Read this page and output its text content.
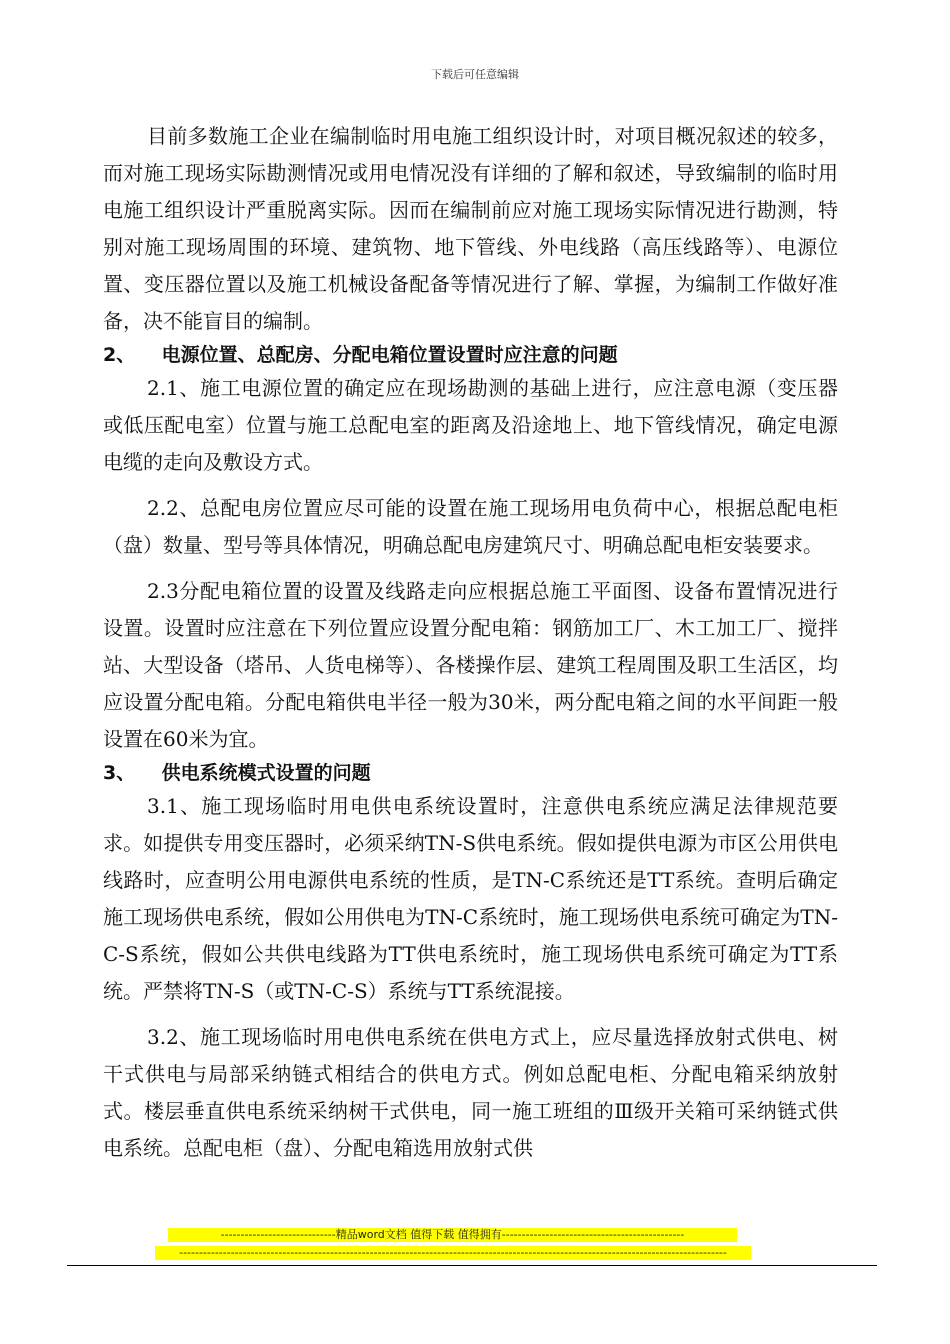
下载后可任意编辑

目前多数施工企业在编制临时用电施工组织设计时，对项目概况叙述的较多，而对施工现场实际勘测情况或用电情况没有详细的了解和叙述，导致编制的临时用电施工组织设计严重脱离实际。因而在编制前应对施工现场实际情况进行勘测，特别对施工现场周围的环境、建筑物、地下管线、外电线路（高压线路等）、电源位置、变压器位置以及施工机械设备配备等情况进行了解、掌握，为编制工作做好准备，决不能盲目的编制。

2、    电源位置、总配房、分配电箱位置设置时应注意的问题

2.1、施工电源位置的确定应在现场勘测的基础上进行，应注意电源（变压器或低压配电室）位置与施工总配电室的距离及沿途地上、地下管线情况，确定电源电缆的走向及敷设方式。

2.2、总配电房位置应尽可能的设置在施工现场用电负荷中心，根据总配电柜（盘）数量、型号等具体情况，明确总配电房建筑尺寸、明确总配电柜安装要求。

2.3分配电箱位置的设置及线路走向应根据总施工平面图、设备布置情况进行设置。设置时应注意在下列位置应设置分配电箱：钢筋加工厂、木工加工厂、搅拌站、大型设备（塔吊、人货电梯等）、各楼操作层、建筑工程周围及职工生活区，均应设置分配电箱。分配电箱供电半径一般为30米，两分配电箱之间的水平间距一般设置在60米为宜。

3、    供电系统模式设置的问题

3.1、施工现场临时用电供电系统设置时，注意供电系统应满足法律规范要求。如提供专用变压器时，必须采纳TN-S供电系统。假如提供电源为市区公用供电线路时，应查明公用电源供电系统的性质，是TN-C系统还是TT系统。查明后确定施工现场供电系统，假如公用供电为TN-C系统时，施工现场供电系统可确定为TN-C-S系统，假如公共供电线路为TT供电系统时，施工现场供电系统可确定为TT系统。严禁将TN-S（或TN-C-S）系统与TT系统混接。

3.2、施工现场临时用电供电系统在供电方式上，应尽量选择放射式供电、树干式供电与局部采纳链式相结合的供电方式。例如总配电柜、分配电箱采纳放射式。楼层垂直供电系统采纳树干式供电，同一施工班组的Ⅲ级开关箱可采纳链式供电系统。总配电柜（盘）、分配电箱选用放射式供

-----------------------------精品word文档 值得下载 值得拥有----------------------------------------------
------------------------------------------------------------------------------------------------------------------------------------------
